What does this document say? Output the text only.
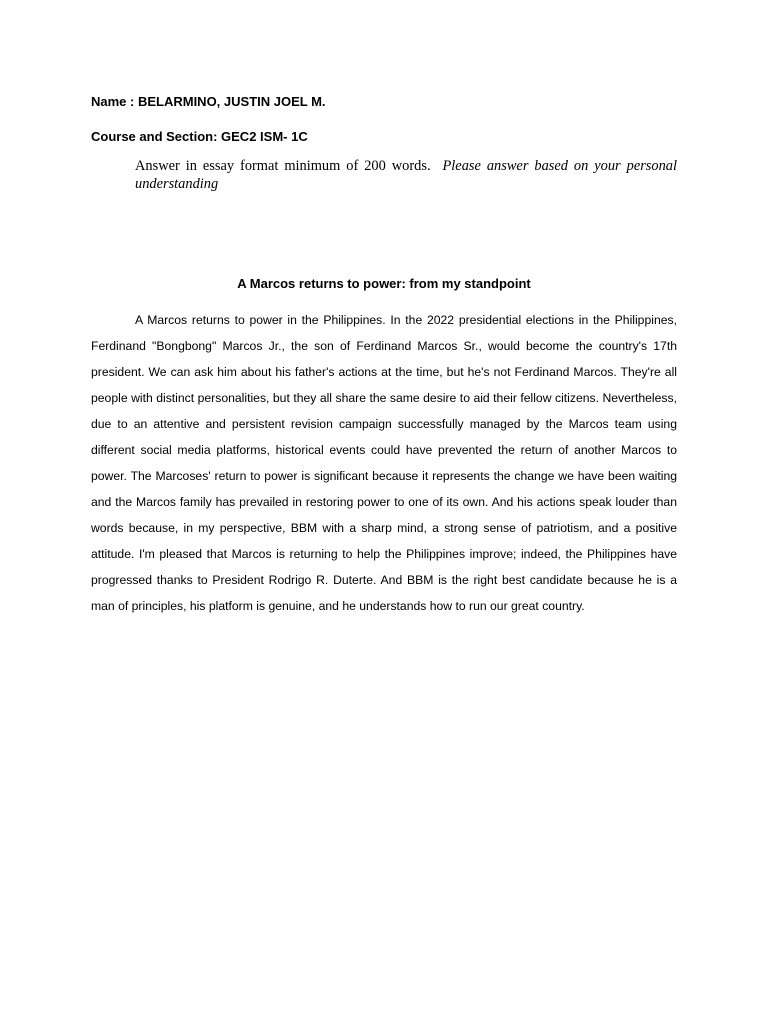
Name : BELARMINO, JUSTIN JOEL M.
Course and Section: GEC2 ISM- 1C
Answer in essay format minimum of 200 words. Please answer based on your personal understanding
A Marcos returns to power: from my standpoint

A Marcos returns to power in the Philippines. In the 2022 presidential elections in the Philippines, Ferdinand "Bongbong" Marcos Jr., the son of Ferdinand Marcos Sr., would become the country's 17th president. We can ask him about his father's actions at the time, but he's not Ferdinand Marcos. They're all people with distinct personalities, but they all share the same desire to aid their fellow citizens. Nevertheless, due to an attentive and persistent revision campaign successfully managed by the Marcos team using different social media platforms, historical events could have prevented the return of another Marcos to power. The Marcoses' return to power is significant because it represents the change we have been waiting and the Marcos family has prevailed in restoring power to one of its own. And his actions speak louder than words because, in my perspective, BBM with a sharp mind, a strong sense of patriotism, and a positive attitude. I'm pleased that Marcos is returning to help the Philippines improve; indeed, the Philippines have progressed thanks to President Rodrigo R. Duterte. And BBM is the right best candidate because he is a man of principles, his platform is genuine, and he understands how to run our great country.
